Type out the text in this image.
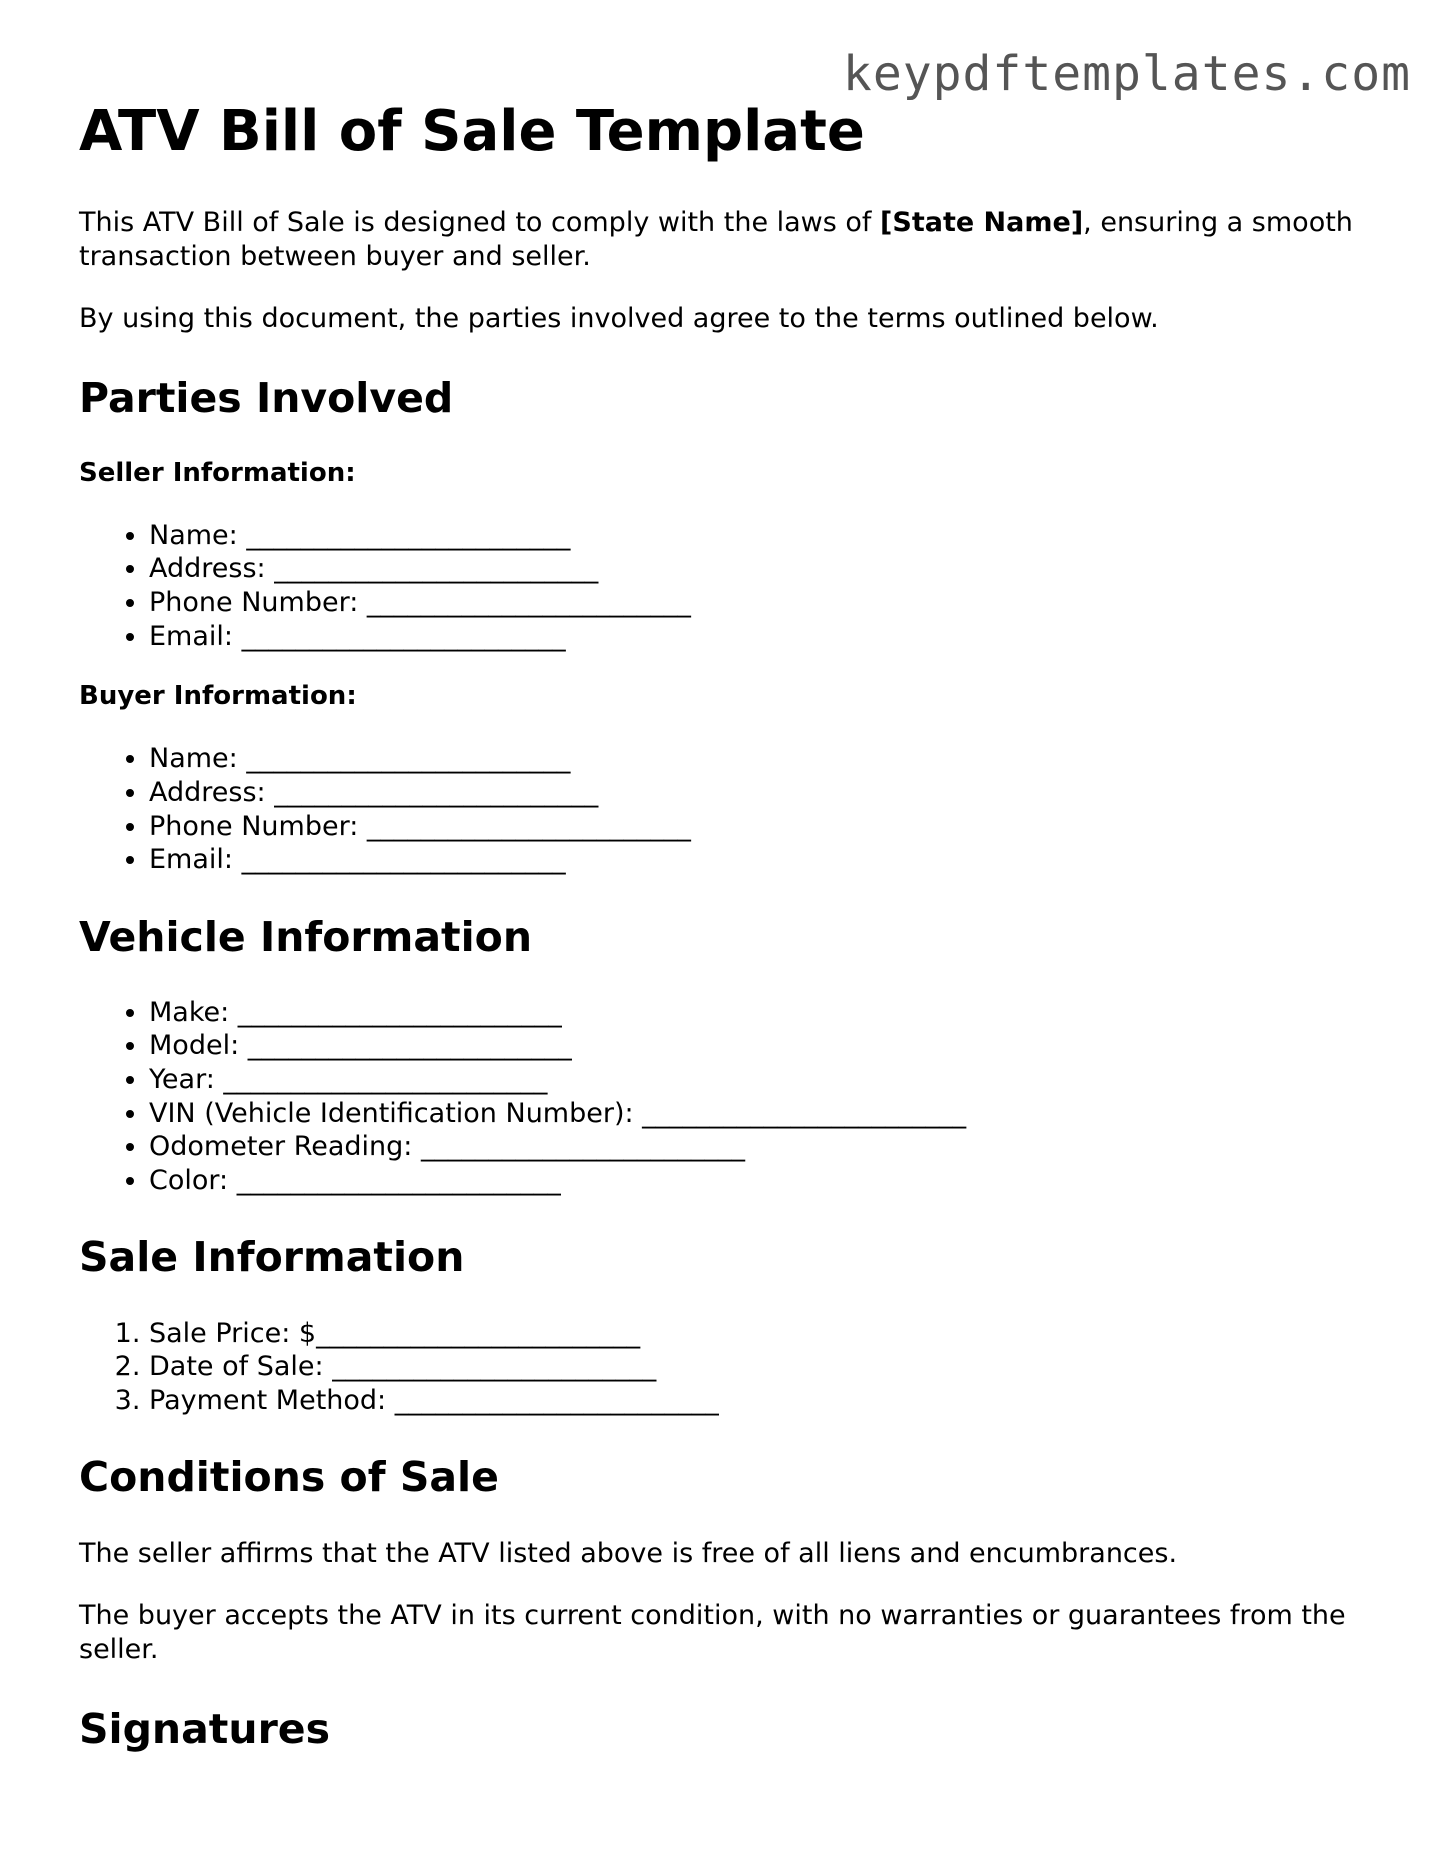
keypdftemplates.com
ATV Bill of Sale Template

This ATV Bill of Sale is designed to comply with the laws of [State Name], ensuring a smooth transaction between buyer and seller.

By using this document, the parties involved agree to the terms outlined below.

Parties Involved
Seller Information:
• Name: ________________________
• Address: ________________________
• Phone Number: ________________________
• Email: ________________________
Buyer Information:
• Name: ________________________
• Address: ________________________
• Phone Number: ________________________
• Email: ________________________
Vehicle Information
• Make: ________________________
• Model: ________________________
• Year: ________________________
• VIN (Vehicle Identification Number): ________________________
• Odometer Reading: ________________________
• Color: ________________________
Sale Information
1. Sale Price: $________________________
2. Date of Sale: ________________________
3. Payment Method: ________________________
Conditions of Sale

The seller affirms that the ATV listed above is free of all liens and encumbrances.

The buyer accepts the ATV in its current condition, with no warranties or guarantees from the seller.

Signatures
